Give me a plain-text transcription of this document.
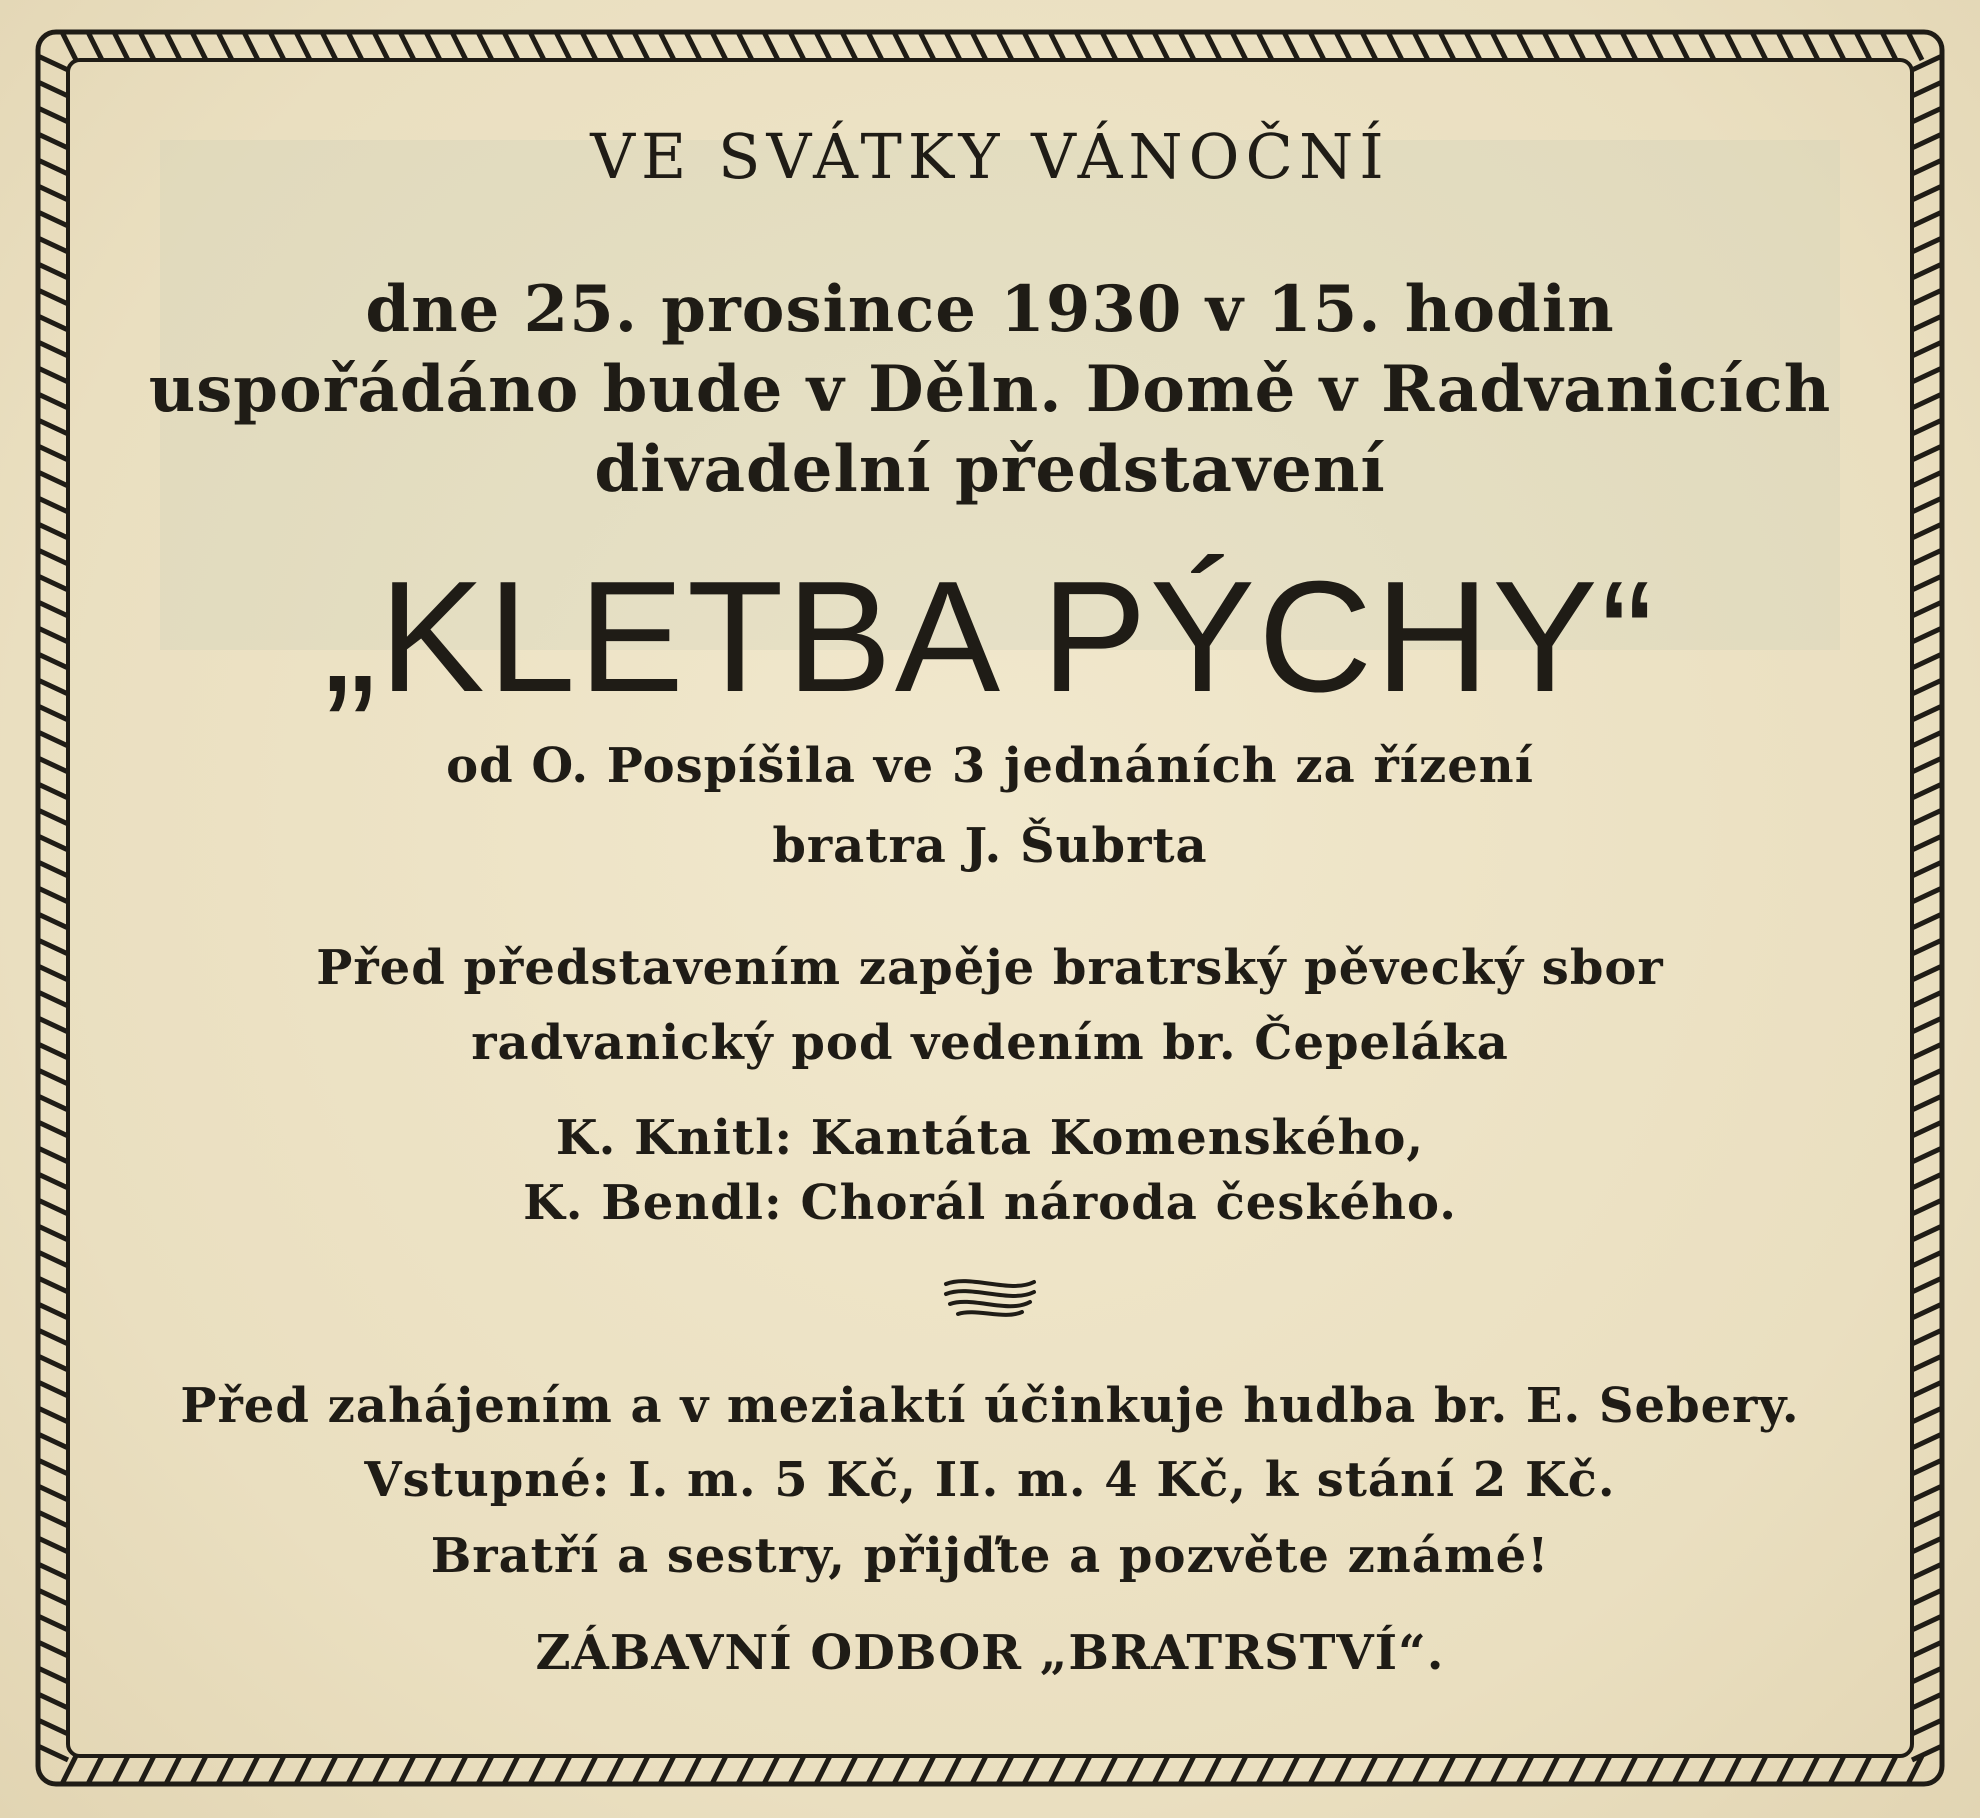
VE SVÁTKY VÁNOČNÍ
dne 25. prosince 1930 v 15. hodin
uspořádáno bude v Děln. Domě v Radvanicích
divadelní představení
„KLETBA PÝCHY“
od O. Pospíšila ve 3 jednáních za řízení
bratra J. Šubrta
Před představením zapěje bratrský pěvecký sbor
radvanický pod vedením br. Čepeláka
K. Knitl: Kantáta Komenského,
K. Bendl: Chorál národa českého.
Před zahájením a v meziaktí účinkuje hudba br. E. Sebery.
Vstupné: I. m. 5 Kč, II. m. 4 Kč, k stání 2 Kč.
Bratří a sestry, přijďte a pozvěte známé!
ZÁBAVNÍ ODBOR „BRATRSTVÍ“.
